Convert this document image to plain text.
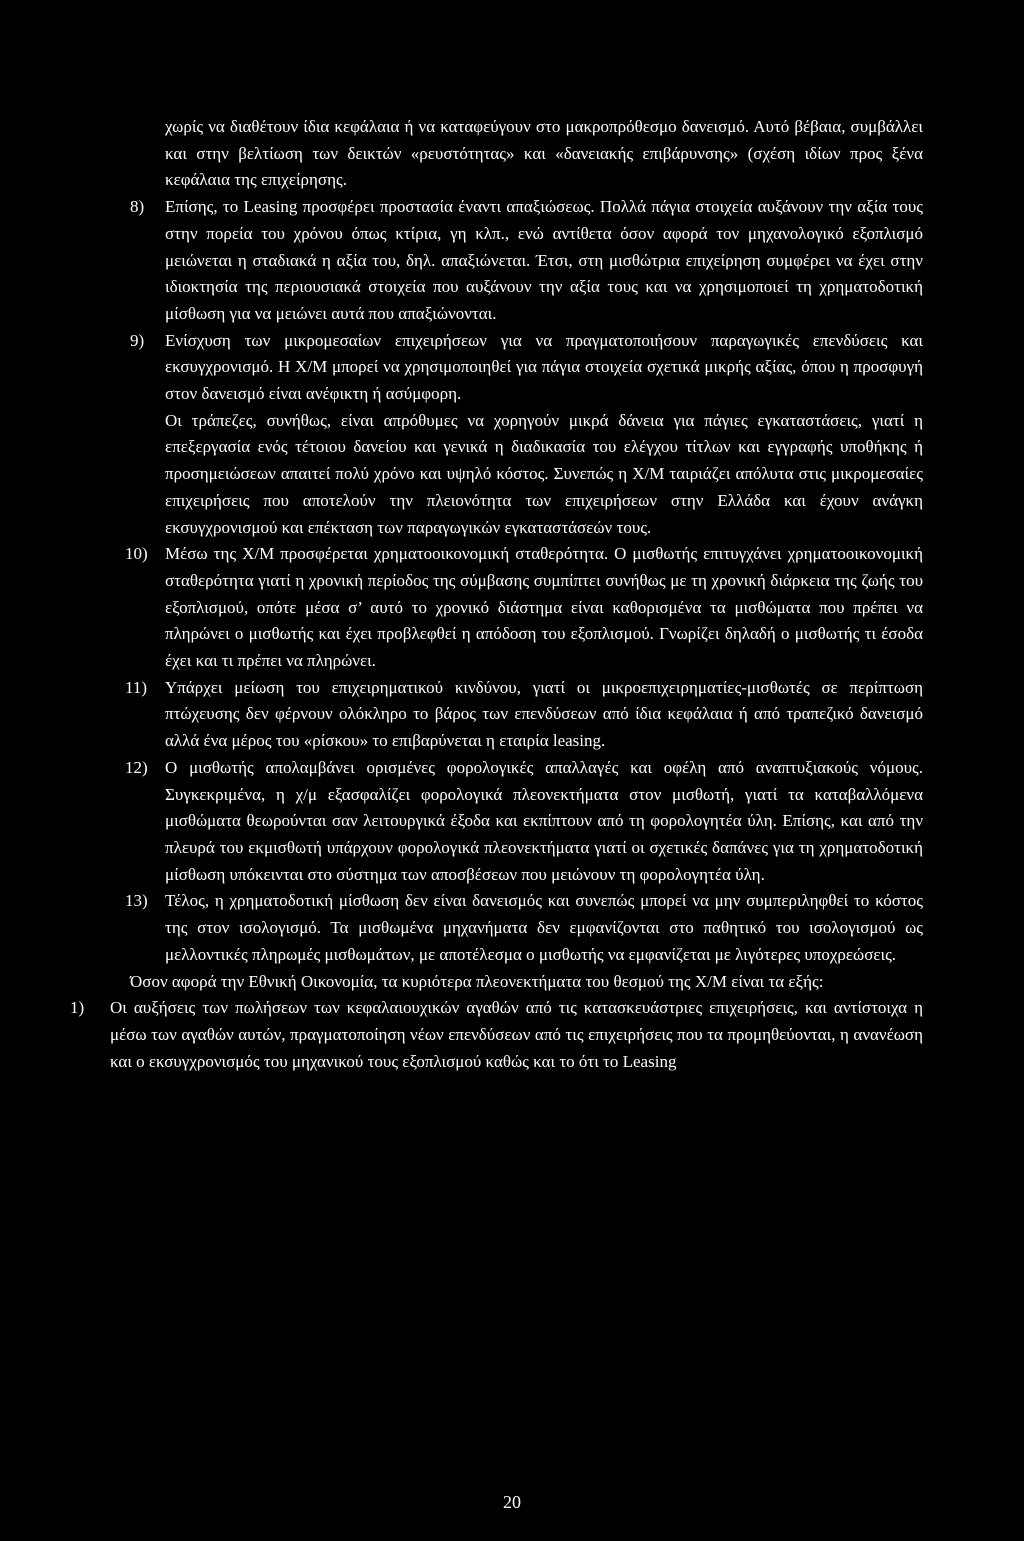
χωρίς να διαθέτουν ίδια κεφάλαια ή να καταφεύγουν στο μακροπρόθεσμο δανεισμό. Αυτό βέβαια, συμβάλλει και στην βελτίωση των δεικτών «ρευστότητας» και «δανειακής επιβάρυνσης» (σχέση ιδίων προς ξένα κεφάλαια της επιχείρησης.

8) Επίσης, το Leasing προσφέρει προστασία έναντι απαξιώσεως. Πολλά πάγια στοιχεία αυξάνουν την αξία τους στην πορεία του χρόνου όπως κτίρια, γη κλπ., ενώ αντίθετα όσον αφορά τον μηχανολογικό εξοπλισμό μειώνεται η σταδιακά η αξία του, δηλ. απαξιώνεται. Έτσι, στη μισθώτρια επιχείρηση συμφέρει να έχει στην ιδιοκτησία της περιουσιακά στοιχεία που αυξάνουν την αξία τους και να χρησιμοποιεί τη χρηματοδοτική μίσθωση για να μειώνει αυτά που απαξιώνονται.

9) Ενίσχυση των μικρομεσαίων επιχειρήσεων για να πραγματοποιήσουν παραγωγικές επενδύσεις και εκσυγχρονισμό. Η Χ/Μ μπορεί να χρησιμοποιηθεί για πάγια στοιχεία σχετικά μικρής αξίας, όπου η προσφυγή στον δανεισμό είναι ανέφικτη ή ασύμφορη.

Οι τράπεζες, συνήθως, είναι απρόθυμες να χορηγούν μικρά δάνεια για πάγιες εγκαταστάσεις, γιατί η επεξεργασία ενός τέτοιου δανείου και γενικά η διαδικασία του ελέγχου τίτλων και εγγραφής υποθήκης ή προσημειώσεων απαιτεί πολύ χρόνο και υψηλό κόστος. Συνεπώς η Χ/Μ ταιριάζει απόλυτα στις μικρομεσαίες επιχειρήσεις που αποτελούν την πλειονότητα των επιχειρήσεων στην Ελλάδα και έχουν ανάγκη εκσυγχρονισμού και επέκταση των παραγωγικών εγκαταστάσεών τους.

10) Μέσω της Χ/Μ προσφέρεται χρηματοοικονομική σταθερότητα. Ο μισθωτής επιτυγχάνει χρηματοοικονομική σταθερότητα γιατί η χρονική περίοδος της σύμβασης συμπίπτει συνήθως με τη χρονική διάρκεια της ζωής του εξοπλισμού, οπότε μέσα σ’ αυτό το χρονικό διάστημα είναι καθορισμένα τα μισθώματα που πρέπει να πληρώνει ο μισθωτής και έχει προβλεφθεί η απόδοση του εξοπλισμού. Γνωρίζει δηλαδή ο μισθωτής τι έσοδα έχει και τι πρέπει να πληρώνει.

11) Υπάρχει μείωση του επιχειρηματικού κινδύνου, γιατί οι μικροεπιχειρηματίες-μισθωτές σε περίπτωση πτώχευσης δεν φέρνουν ολόκληρο το βάρος των επενδύσεων από ίδια κεφάλαια ή από τραπεζικό δανεισμό αλλά ένα μέρος του «ρίσκου» το επιβαρύνεται η εταιρία leasing.

12) Ο μισθωτής απολαμβάνει ορισμένες φορολογικές απαλλαγές και οφέλη από αναπτυξιακούς νόμους. Συγκεκριμένα, η χ/μ εξασφαλίζει φορολογικά πλεονεκτήματα στον μισθωτή, γιατί τα καταβαλλόμενα μισθώματα θεωρούνται σαν λειτουργικά έξοδα και εκπίπτουν από τη φορολογητέα ύλη. Επίσης, και από την πλευρά του εκμισθωτή υπάρχουν φορολογικά πλεονεκτήματα γιατί οι σχετικές δαπάνες για τη χρηματοδοτική μίσθωση υπόκεινται στο σύστημα των αποσβέσεων που μειώνουν τη φορολογητέα ύλη.

13) Τέλος, η χρηματοδοτική μίσθωση δεν είναι δανεισμός και συνεπώς μπορεί να μην συμπεριληφθεί το κόστος της στον ισολογισμό. Τα μισθωμένα μηχανήματα δεν εμφανίζονται στο παθητικό του ισολογισμού ως μελλοντικές πληρωμές μισθωμάτων, με αποτέλεσμα ο μισθωτής να εμφανίζεται με λιγότερες υποχρεώσεις.

Όσον αφορά την Εθνική Οικονομία, τα κυριότερα πλεονεκτήματα του θεσμού της Χ/Μ είναι τα εξής:

1) Οι αυξήσεις των πωλήσεων των κεφαλαιουχικών αγαθών από τις κατασκευάστριες επιχειρήσεις, και αντίστοιχα η μέσω των αγαθών αυτών, πραγματοποίηση νέων επενδύσεων από τις επιχειρήσεις που τα προμηθεύονται, η ανανέωση και ο εκσυγχρονισμός του μηχανικού τους εξοπλισμού καθώς και το ότι το Leasing

20
